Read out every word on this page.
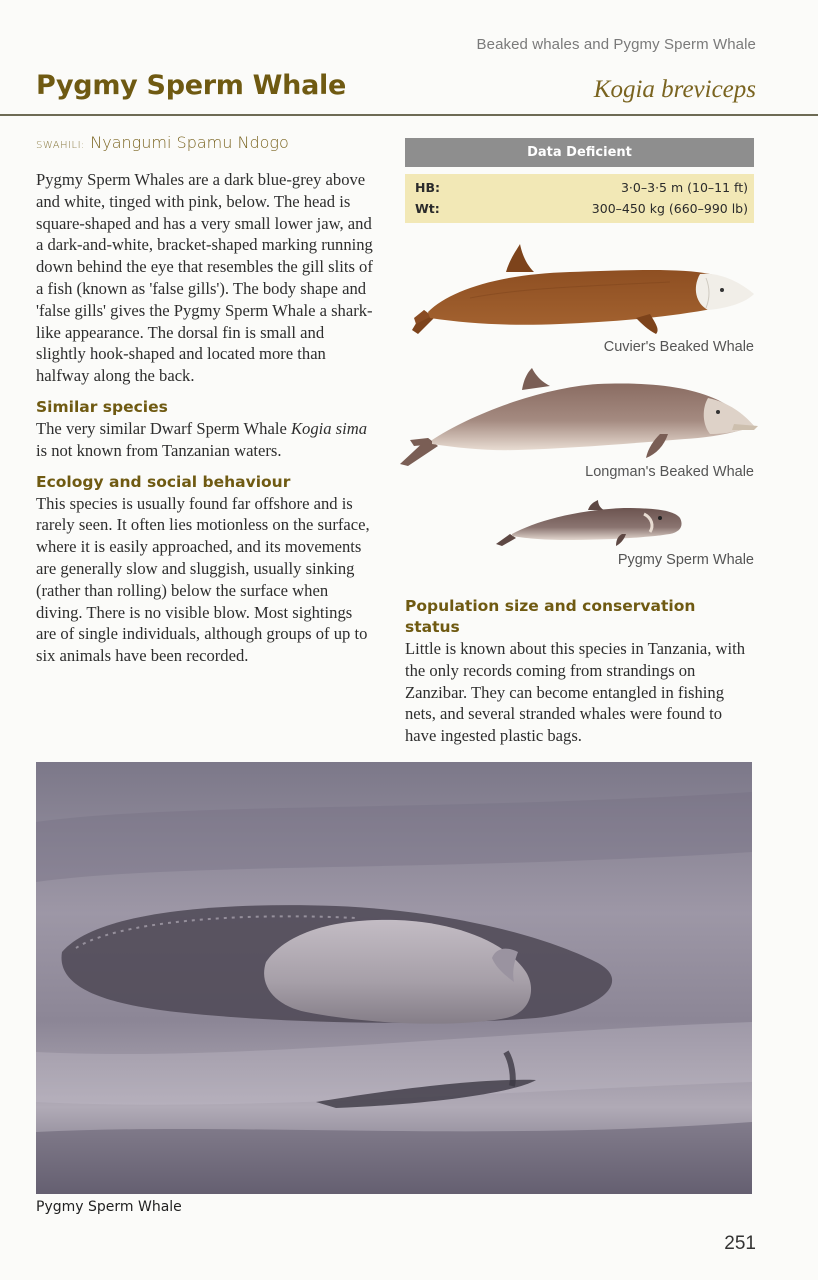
Beaked whales and Pygmy Sperm Whale
Pygmy Sperm Whale	Kogia breviceps
SWAHILI: Nyangumi Spamu Ndogo

Pygmy Sperm Whales are a dark blue-grey above and white, tinged with pink, below. The head is square-shaped and has a very small lower jaw, and a dark-and-white, bracket-shaped marking running down behind the eye that resembles the gill slits of a fish (known as 'false gills'). The body shape and 'false gills' gives the Pygmy Sperm Whale a shark-like appearance. The dorsal fin is small and slightly hook-shaped and located more than halfway along the back.

Similar species

The very similar Dwarf Sperm Whale Kogia sima is not known from Tanzanian waters.

Ecology and social behaviour

This species is usually found far offshore and is rarely seen. It often lies motionless on the surface, where it is easily approached, and its movements are generally slow and sluggish, usually sinking (rather than rolling) below the surface when diving. There is no visible blow. Most sightings are of single individuals, although groups of up to six animals have been recorded.

Data Deficient
HB:	3·0–3·5 m (10–11 ft)
Wt:	300–450 kg (660–990 lb)
Cuvier's Beaked Whale
Longman's Beaked Whale
Pygmy Sperm Whale
Population size and conservation status

Little is known about this species in Tanzania, with the only records coming from strandings on Zanzibar. They can become entangled in fishing nets, and several stranded whales were found to have ingested plastic bags.

Pygmy Sperm Whale
251
